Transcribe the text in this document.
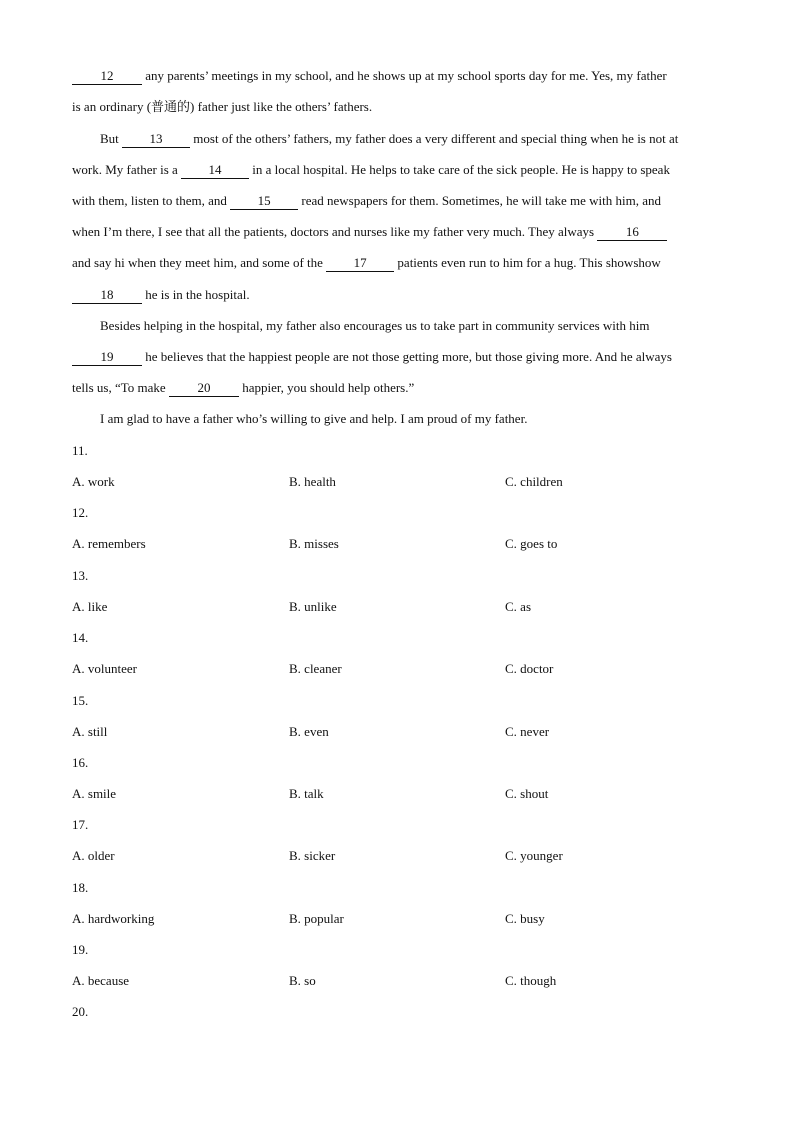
12 any parents’ meetings in my school, and he shows up at my school sports day for me. Yes, my father
is an ordinary (普通的) father just like the others’ fathers.
But 13 most of the others’ fathers, my father does a very different and special thing when he is not at
work. My father is a 14 in a local hospital. He helps to take care of the sick people. He is happy to speak
with them, listen to them, and 15 read newspapers for them. Sometimes, he will take me with him, and
when I’m there, I see that all the patients, doctors and nurses like my father very much. They always 16
and say hi when they meet him, and some of the 17 patients even run to him for a hug. This showshow
18 he is in the hospital.
Besides helping in the hospital, my father also encourages us to take part in community services with him
19 he believes that the happiest people are not those getting more, but those giving more. And he always
tells us, “To make 20 happier, you should help others.”
I am glad to have a father who’s willing to give and help. I am proud of my father.
11.
A. work	B. health	C. children
12.
A. remembers	B. misses	C. goes to
13.
A. like	B. unlike	C. as
14.
A. volunteer	B. cleaner	C. doctor
15.
A. still	B. even	C. never
16.
A. smile	B. talk	C. shout
17.
A. older	B. sicker	C. younger
18.
A. hardworking	B. popular	C. busy
19.
A. because	B. so	C. though
20.
